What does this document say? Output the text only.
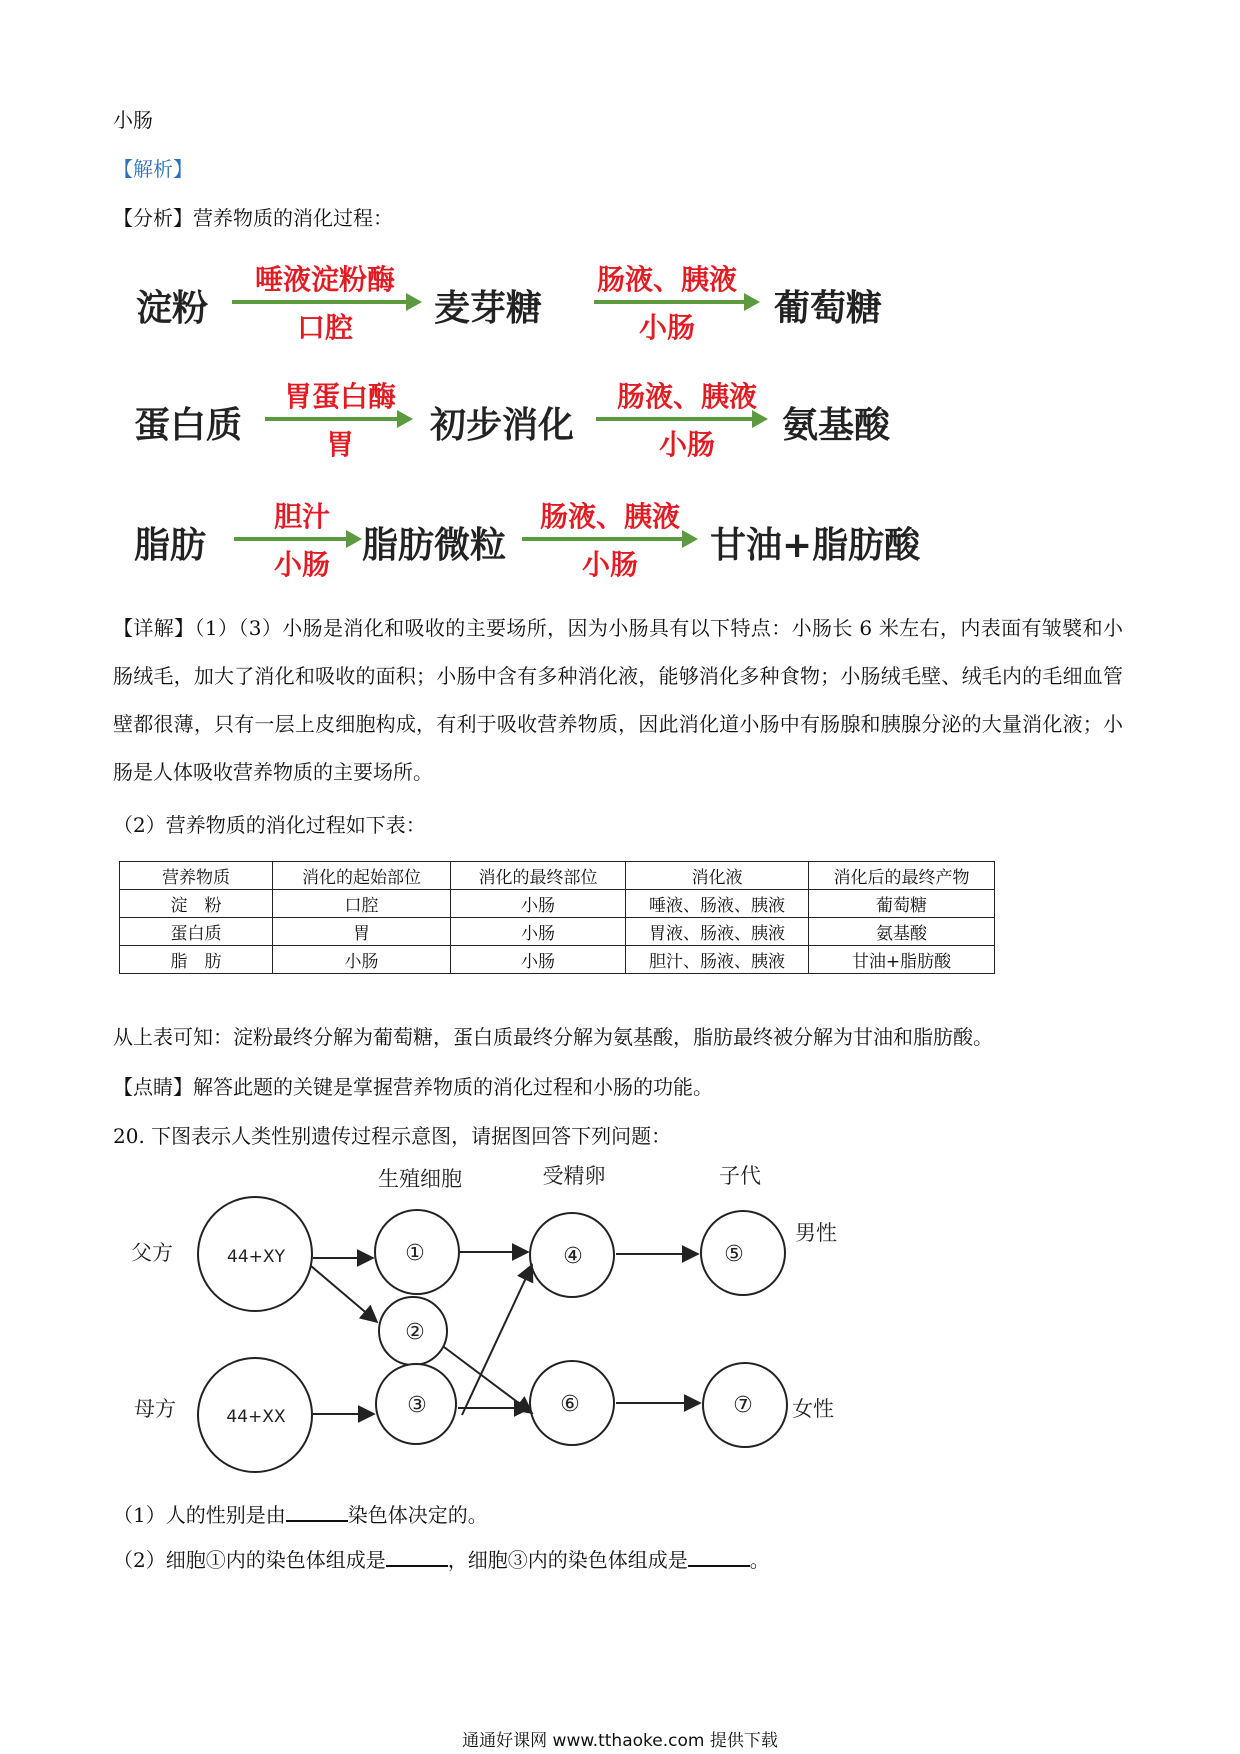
小肠
【解析】
【分析】营养物质的消化过程：
淀粉
唾液淀粉酶
口腔	麦芽糖
肠液、胰液
小肠	葡萄糖
蛋白质
胃蛋白酶
胃	初步消化
肠液、胰液
小肠	氨基酸
脂肪
胆汁
小肠 脂肪微粒
肠液、胰液
小肠	甘油+脂肪酸
【详解】（1）（3）小肠是消化和吸收的主要场所，因为小肠具有以下特点：小肠长 6 米左右，内表面有皱襞和小肠绒毛，加大了消化和吸收的面积；小肠中含有多种消化液，能够消化多种食物；小肠绒毛壁、绒毛内的毛细血管壁都很薄，只有一层上皮细胞构成，有利于吸收营养物质，因此消化道小肠中有肠腺和胰腺分泌的大量消化液；小肠是人体吸收营养物质的主要场所。
（2）营养物质的消化过程如下表：
营养物质	消化的起始部位	消化的最终部位	消化液	消化后的最终产物
淀　粉	口腔	小肠	唾液、肠液、胰液	葡萄糖
蛋白质	胃	小肠	胃液、肠液、胰液	氨基酸
脂　肪	小肠	小肠	胆汁、肠液、胰液	甘油+脂肪酸
从上表可知：淀粉最终分解为葡萄糖，蛋白质最终分解为氨基酸，脂肪最终被分解为甘油和脂肪酸。
【点睛】解答此题的关键是掌握营养物质的消化过程和小肠的功能。
20. 下图表示人类性别遗传过程示意图，请据图回答下列问题：
生殖细胞	受精卵	子代
父方
母方
男性
女性
44+XY
44+XX
①
②
③
④	⑤
⑥	⑦
（1）人的性别是由	染色体决定的。
（2）细胞①内的染色体组成是	，细胞③内的染色体组成是	。
通通好课网 www.tthaoke.com 提供下载
